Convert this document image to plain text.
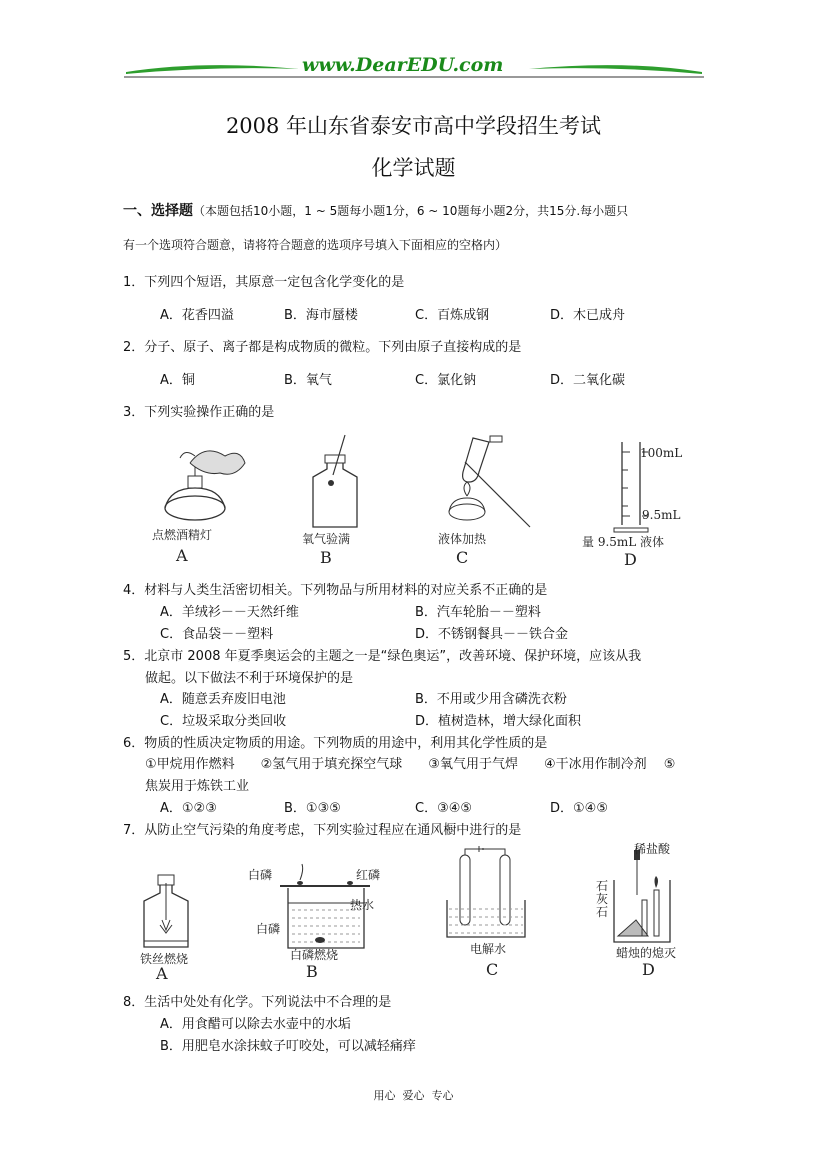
www.DearEDU.com
2008 年山东省泰安市高中学段招生考试
化学试题
一、选择题（本题包括10小题，1 ~ 5题每小题1分，6 ~ 10题每小题2分，共15分.每小题只
有一个选项符合题意，请将符合题意的选项序号填入下面相应的空格内）
1．下列四个短语，其原意一定包含化学变化的是
A．花香四溢	B．海市蜃楼	C．百炼成钢	D．木已成舟
2．分子、原子、离子都是构成物质的微粒。下列由原子直接构成的是
A．铜	B．氧气	C．氯化钠	D．二氧化碳
3．下列实验操作正确的是
点燃酒精灯
A
氧气验满
B
液体加热
C
100mL
9.5mL
量 9.5mL 液体
D
4．材料与人类生活密切相关。下列物品与所用材料的对应关系不正确的是
A．羊绒衫－－天然纤维	B．汽车轮胎－－塑料
C．食品袋－－塑料	D．不锈钢餐具－－铁合金
5．北京市 2008 年夏季奥运会的主题之一是“绿色奥运”，改善环境、保护环境，应该从我
做起。以下做法不利于环境保护的是
A．随意丢弃废旧电池	B．不用或少用含磷洗衣粉
C．垃圾采取分类回收	D．植树造林，增大绿化面积
6．物质的性质决定物质的用途。下列物质的用途中，利用其化学性质的是
①甲烷用作燃料　　②氢气用于填充探空气球　　③氧气用于气焊　　④干冰用作制冷剂　 ⑤
焦炭用于炼铁工业
A．①②③	B．①③⑤	C．③④⑤	D．①④⑤
7．从防止空气污染的角度考虑，下列实验过程应在通风橱中进行的是
铁丝燃烧
A
白磷	红磷
热水
白磷
白磷燃烧
B
电解水
C
稀盐酸
石
灰
石
蜡烛的熄灭
D
8．生活中处处有化学。下列说法中不合理的是
A．用食醋可以除去水壶中的水垢
B．用肥皂水涂抹蚊子叮咬处，可以减轻痛痒
用心  爱心  专心
